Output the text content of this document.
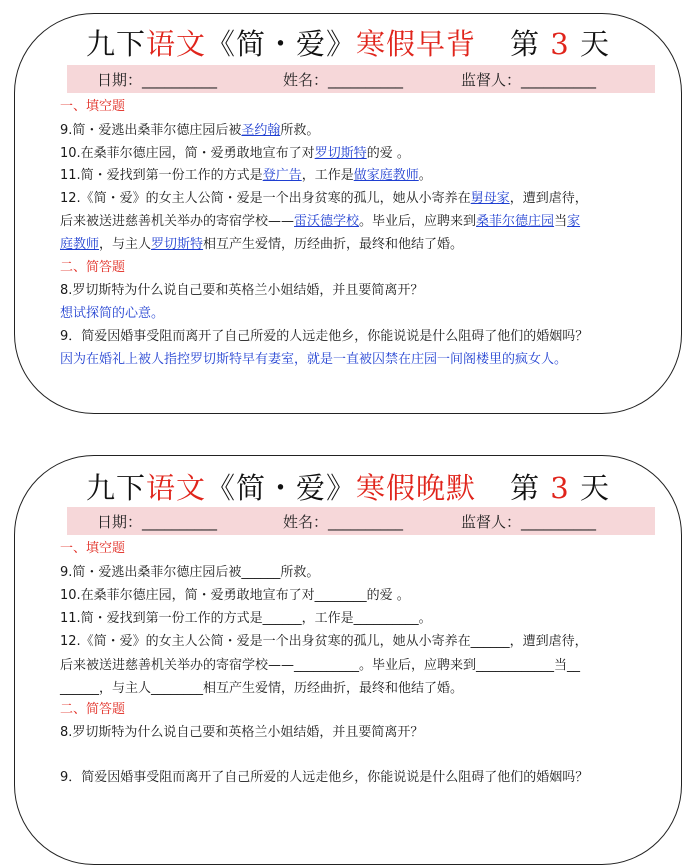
九下语文《简・爱》寒假早背 第 3 天
日期：__________	姓名：__________	监督人：__________
一、填空题
9.简・爱逃出桑菲尔德庄园后被圣约翰所救。
10.在桑菲尔德庄园，简・爱勇敢地宣布了对罗切斯特的爱 。
11.简・爱找到第一份工作的方式是登广告，工作是做家庭教师。
12.《简・爱》的女主人公简・爱是一个出身贫寒的孤儿，她从小寄养在舅母家，遭到虐待，
后来被送进慈善机关举办的寄宿学校——雷沃德学校。毕业后，应聘来到桑菲尔德庄园当家
庭教师，与主人罗切斯特相互产生爱情，历经曲折，最终和他结了婚。
二、简答题
8.罗切斯特为什么说自己要和英格兰小姐结婚，并且要简离开？
想试探简的心意。
9．简爱因婚事受阻而离开了自己所爱的人远走他乡，你能说说是什么阻碍了他们的婚姻吗？
因为在婚礼上被人指控罗切斯特早有妻室，就是一直被囚禁在庄园一间阁楼里的疯女人。
九下语文《简・爱》寒假晚默 第 3 天
日期：__________	姓名：__________	监督人：__________
一、填空题
9.简・爱逃出桑菲尔德庄园后被______所救。
10.在桑菲尔德庄园，简・爱勇敢地宣布了对________的爱 。
11.简・爱找到第一份工作的方式是______，工作是__________。
12.《简・爱》的女主人公简・爱是一个出身贫寒的孤儿，她从小寄养在______，遭到虐待，
后来被送进慈善机关举办的寄宿学校——__________。毕业后，应聘来到____________当__
______，与主人________相互产生爱情，历经曲折，最终和他结了婚。
二、简答题
8.罗切斯特为什么说自己要和英格兰小姐结婚，并且要简离开？
9．简爱因婚事受阻而离开了自己所爱的人远走他乡，你能说说是什么阻碍了他们的婚姻吗？
